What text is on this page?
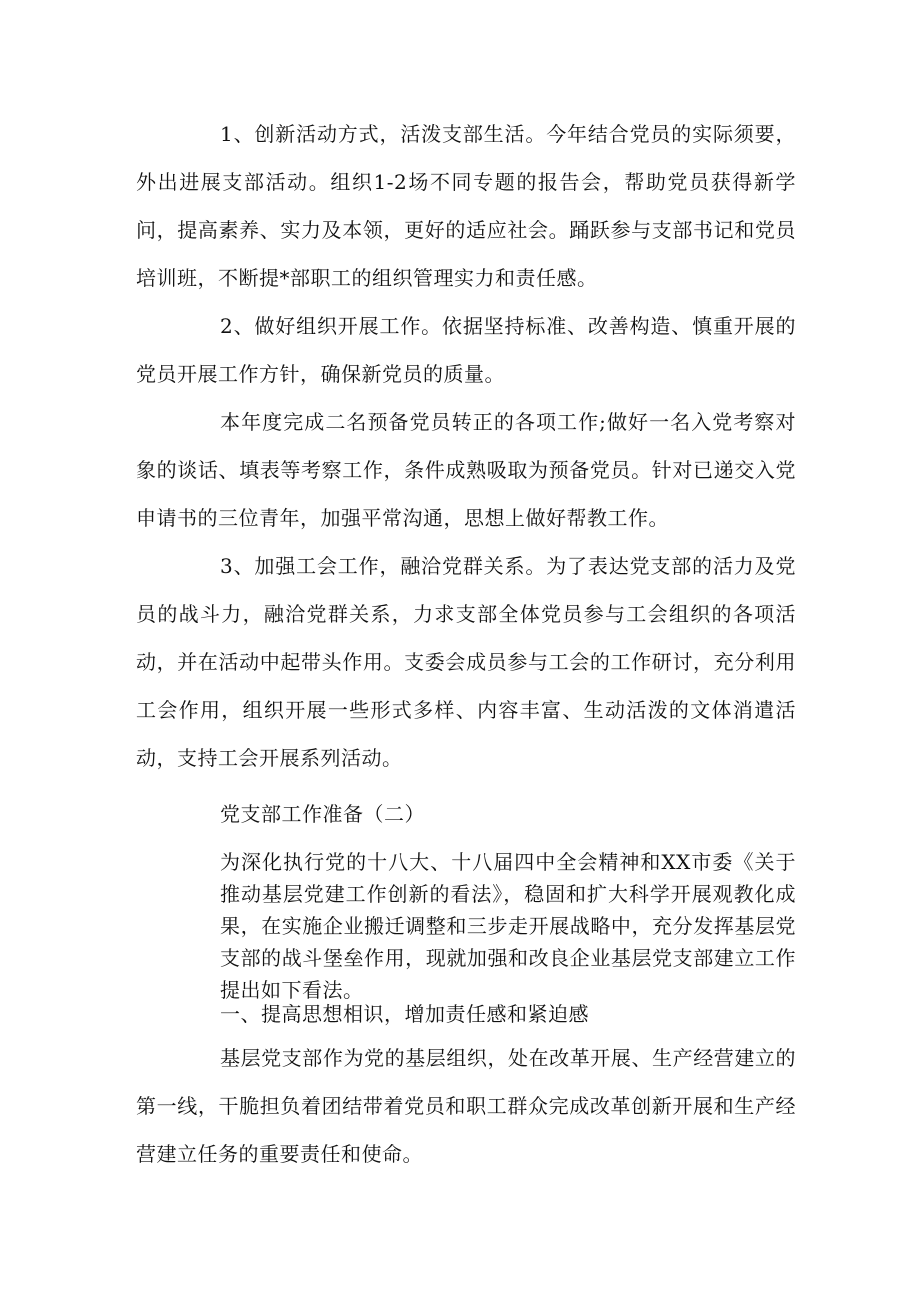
1、创新活动方式，活泼支部生活。今年结合党员的实际须要，外出进展支部活动。组织1-2场不同专题的报告会，帮助党员获得新学问，提高素养、实力及本领，更好的适应社会。踊跃参与支部书记和党员培训班，不断提*部职工的组织管理实力和责任感。

2、做好组织开展工作。依据坚持标准、改善构造、慎重开展的党员开展工作方针，确保新党员的质量。

本年度完成二名预备党员转正的各项工作;做好一名入党考察对象的谈话、填表等考察工作，条件成熟吸取为预备党员。针对已递交入党申请书的三位青年，加强平常沟通，思想上做好帮教工作。

3、加强工会工作，融洽党群关系。为了表达党支部的活力及党员的战斗力，融洽党群关系，力求支部全体党员参与工会组织的各项活动，并在活动中起带头作用。支委会成员参与工会的工作研讨，充分利用工会作用，组织开展一些形式多样、内容丰富、生动活泼的文体消遣活动，支持工会开展系列活动。

党支部工作准备（二）

为深化执行党的十八大、十八届四中全会精神和XX市委《关于推动基层党建工作创新的看法》，稳固和扩大科学开展观教化成果，在实施企业搬迁调整和三步走开展战略中，充分发挥基层党支部的战斗堡垒作用，现就加强和改良企业基层党支部建立工作提出如下看法。

一、提高思想相识，增加责任感和紧迫感

基层党支部作为党的基层组织，处在改革开展、生产经营建立的第一线，干脆担负着团结带着党员和职工群众完成改革创新开展和生产经营建立任务的重要责任和使命。
